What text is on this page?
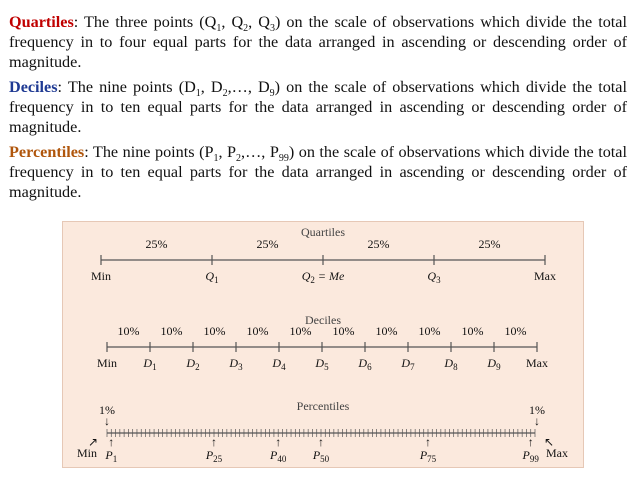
Quartiles: The three points ($Q_1$, $Q_2$, $Q_3$) on the scale of observations which divide the total frequency in to four equal parts for the data arranged in ascending or descending order of magnitude.
Deciles: The nine points ($D_1$, $D_2,\dots$, $D_9$) on the scale of observations which divide the total frequency in to ten equal parts for the data arranged in ascending or descending order of magnitude.
Percentiles: The nine points ($P_1$, $P_2,\dots$, $P_{99}$) on the scale of observations which divide the total frequency in to ten equal parts for the data arranged in ascending or descending order of magnitude.
Quartiles
Min	$Q_1$	$Q_2 = Me$	$Q_3$	Max
25%	25%	25%	25%
Deciles
Min $D_1$ $D_2$ $D_3$ $D_4$ $D_5$ $D_6$ $D_7$ $D_8$ $D_9$ Max
10% 10% 10% 10% 10% 10% 10% 10% 10% 10%
Percentiles
1%	1%
↓	↓
Min
↗ ↑
$P_1$
↑
$P_{25}$
↑
$P_{40}$
↑
$P_{50}$
↑
$P_{75}$
↑
$P_{99}$ Max
↖
